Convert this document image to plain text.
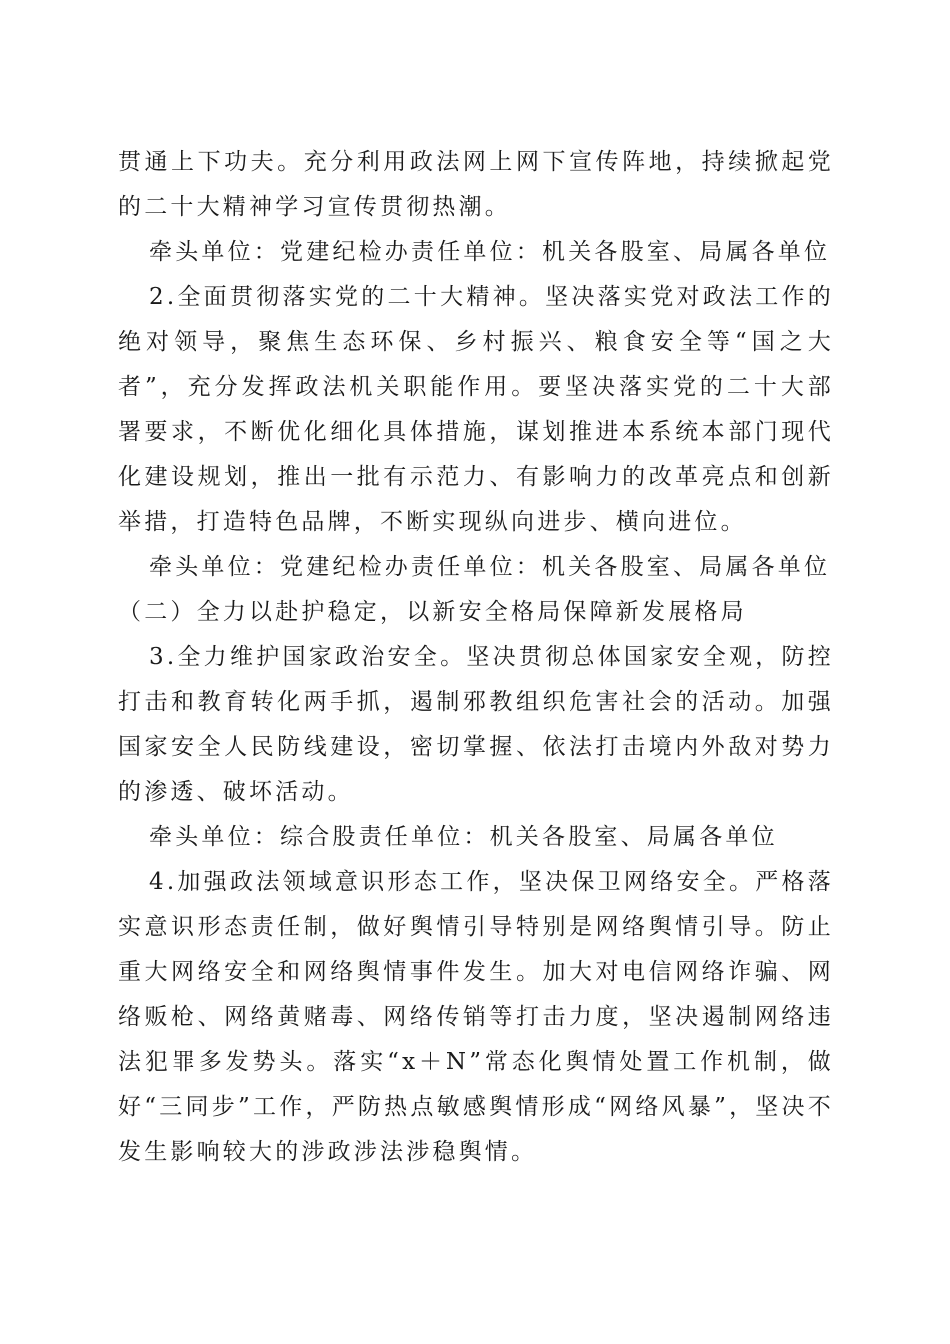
贯通上下功夫。充分利用政法网上网下宣传阵地，持续掀起党的二十大精神学习宣传贯彻热潮。

牵头单位：党建纪检办责任单位：机关各股室、局属各单位

2.全面贯彻落实党的二十大精神。坚决落实党对政法工作的绝对领导，聚焦生态环保、乡村振兴、粮食安全等“国之大者”，充分发挥政法机关职能作用。要坚决落实党的二十大部署要求，不断优化细化具体措施，谋划推进本系统本部门现代化建设规划，推出一批有示范力、有影响力的改革亮点和创新举措，打造特色品牌，不断实现纵向进步、横向进位。

牵头单位：党建纪检办责任单位：机关各股室、局属各单位

（二）全力以赴护稳定，以新安全格局保障新发展格局

3.全力维护国家政治安全。坚决贯彻总体国家安全观，防控打击和教育转化两手抓，遏制邪教组织危害社会的活动。加强国家安全人民防线建设，密切掌握、依法打击境内外敌对势力的渗透、破坏活动。

牵头单位：综合股责任单位：机关各股室、局属各单位

4.加强政法领域意识形态工作，坚决保卫网络安全。严格落实意识形态责任制，做好舆情引导特别是网络舆情引导。防止重大网络安全和网络舆情事件发生。加大对电信网络诈骗、网络贩枪、网络黄赌毒、网络传销等打击力度，坚决遏制网络违法犯罪多发势头。落实“x＋N”常态化舆情处置工作机制，做好“三同步”工作，严防热点敏感舆情形成“网络风暴”，坚决不发生影响较大的涉政涉法涉稳舆情。
